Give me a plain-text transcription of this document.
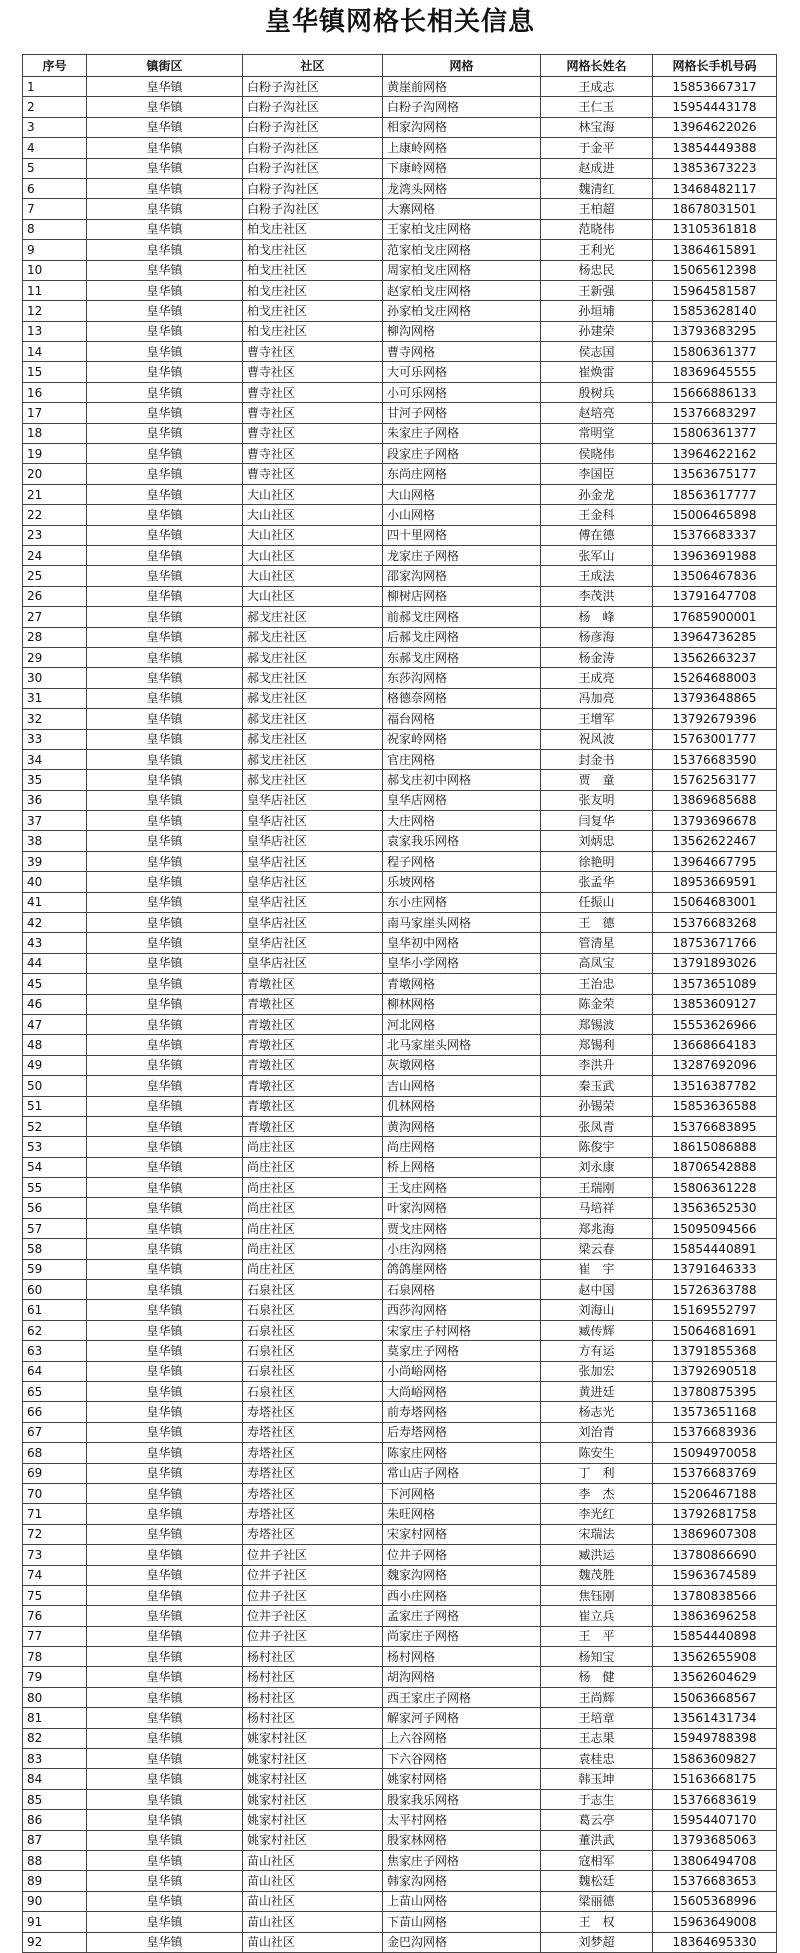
皇华镇网格长相关信息
序号	镇街区	社区	网格	网格长姓名	网格长手机号码
1	皇华镇	白粉子沟社区	黄崖前网格	王成志	15853667317
2	皇华镇	白粉子沟社区	白粉子沟网格	王仁玉	15954443178
3	皇华镇	白粉子沟社区	相家沟网格	林宝海	13964622026
4	皇华镇	白粉子沟社区	上康岭网格	于金平	13854449388
5	皇华镇	白粉子沟社区	下康岭网格	赵成进	13853673223
6	皇华镇	白粉子沟社区	龙湾头网格	魏清红	13468482117
7	皇华镇	白粉子沟社区	大寨网格	王柏超	18678031501
8	皇华镇	柏戈庄社区	王家柏戈庄网格	范晓伟	13105361818
9	皇华镇	柏戈庄社区	范家柏戈庄网格	王利光	13864615891
10	皇华镇	柏戈庄社区	周家柏戈庄网格	杨忠民	15065612398
11	皇华镇	柏戈庄社区	赵家柏戈庄网格	王新强	15964581587
12	皇华镇	柏戈庄社区	孙家柏戈庄网格	孙垣埔	15853628140
13	皇华镇	柏戈庄社区	柳沟网格	孙建荣	13793683295
14	皇华镇	曹寺社区	曹寺网格	侯志国	15806361377
15	皇华镇	曹寺社区	大可乐网格	崔焕雷	18369645555
16	皇华镇	曹寺社区	小可乐网格	殷树兵	15666886133
17	皇华镇	曹寺社区	甘河子网格	赵培亮	15376683297
18	皇华镇	曹寺社区	朱家庄子网格	常明堂	15806361377
19	皇华镇	曹寺社区	段家庄子网格	侯晓伟	13964622162
20	皇华镇	曹寺社区	东尚庄网格	李国臣	13563675177
21	皇华镇	大山社区	大山网格	孙金龙	18563617777
22	皇华镇	大山社区	小山网格	王金科	15006465898
23	皇华镇	大山社区	四十里网格	傅在德	15376683337
24	皇华镇	大山社区	龙家庄子网格	张军山	13963691988
25	皇华镇	大山社区	邵家沟网格	王成法	13506467836
26	皇华镇	大山社区	柳树店网格	李茂洪	13791647708
27	皇华镇	郝戈庄社区	前郝戈庄网格	杨　峰	17685900001
28	皇华镇	郝戈庄社区	后郝戈庄网格	杨彦海	13964736285
29	皇华镇	郝戈庄社区	东郝戈庄网格	杨金涛	13562663237
30	皇华镇	郝戈庄社区	东莎沟网格	王成亮	15264688003
31	皇华镇	郝戈庄社区	格德奈网格	冯加亮	13793648865
32	皇华镇	郝戈庄社区	福台网格	王增军	13792679396
33	皇华镇	郝戈庄社区	祝家岭网格	祝风波	15763001777
34	皇华镇	郝戈庄社区	官庄网格	封金书	15376683590
35	皇华镇	郝戈庄社区	郝戈庄初中网格	贾　童	15762563177
36	皇华镇	皇华店社区	皇华店网格	张友明	13869685688
37	皇华镇	皇华店社区	大庄网格	闫复华	13793696678
38	皇华镇	皇华店社区	袁家我乐网格	刘炳忠	13562622467
39	皇华镇	皇华店社区	程子网格	徐艳明	13964667795
40	皇华镇	皇华店社区	乐坡网格	张孟华	18953669591
41	皇华镇	皇华店社区	东小庄网格	任振山	15064683001
42	皇华镇	皇华店社区	南马家崖头网格	王　德	15376683268
43	皇华镇	皇华店社区	皇华初中网格	管清星	18753671766
44	皇华镇	皇华店社区	皇华小学网格	高凤宝	13791893026
45	皇华镇	青墩社区	青墩网格	王治忠	13573651089
46	皇华镇	青墩社区	柳林网格	陈金荣	13853609127
47	皇华镇	青墩社区	河北网格	郑锡波	15553626966
48	皇华镇	青墩社区	北马家崖头网格	郑锡利	13668664183
49	皇华镇	青墩社区	灰墩网格	李洪升	13287692096
50	皇华镇	青墩社区	吉山网格	秦玉武	13516387782
51	皇华镇	青墩社区	仉林网格	孙锡荣	15853636588
52	皇华镇	青墩社区	黄沟网格	张凤青	15376683895
53	皇华镇	尚庄社区	尚庄网格	陈俊宇	18615086888
54	皇华镇	尚庄社区	桥上网格	刘永康	18706542888
55	皇华镇	尚庄社区	王戈庄网格	王瑞刚	15806361228
56	皇华镇	尚庄社区	叶家沟网格	马培祥	13563652530
57	皇华镇	尚庄社区	贾戈庄网格	郑兆海	15095094566
58	皇华镇	尚庄社区	小庄沟网格	梁云春	15854440891
59	皇华镇	尚庄社区	鸽鸽崖网格	崔　宇	13791646333
60	皇华镇	石泉社区	石泉网格	赵中国	15726363788
61	皇华镇	石泉社区	西莎沟网格	刘海山	15169552797
62	皇华镇	石泉社区	宋家庄子村网格	臧传辉	15064681691
63	皇华镇	石泉社区	莫家庄子网格	方有运	13791855368
64	皇华镇	石泉社区	小尚峪网格	张加宏	13792690518
65	皇华镇	石泉社区	大尚峪网格	黄进廷	13780875395
66	皇华镇	寿塔社区	前寿塔网格	杨志光	13573651168
67	皇华镇	寿塔社区	后寿塔网格	刘治青	15376683936
68	皇华镇	寿塔社区	陈家庄网格	陈安生	15094970058
69	皇华镇	寿塔社区	常山店子网格	丁　利	15376683769
70	皇华镇	寿塔社区	下河网格	李　杰	15206467188
71	皇华镇	寿塔社区	朱旺网格	李光红	13792681758
72	皇华镇	寿塔社区	宋家村网格	宋瑞法	13869607308
73	皇华镇	位井子社区	位井子网格	臧洪运	13780866690
74	皇华镇	位井子社区	魏家沟网格	魏茂胜	15963674589
75	皇华镇	位井子社区	西小庄网格	焦钰刚	13780838566
76	皇华镇	位井子社区	孟家庄子网格	崔立兵	13863696258
77	皇华镇	位井子社区	尚家庄子网格	王　平	15854440898
78	皇华镇	杨村社区	杨村网格	杨知宝	13562655908
79	皇华镇	杨村社区	胡沟网格	杨　健	13562604629
80	皇华镇	杨村社区	西王家庄子网格	王尚辉	15063668567
81	皇华镇	杨村社区	解家河子网格	王培章	13561431734
82	皇华镇	姚家村社区	上六谷网格	王志果	15949788398
83	皇华镇	姚家村社区	下六谷网格	袁桂忠	15863609827
84	皇华镇	姚家村社区	姚家村网格	韩玉坤	15163668175
85	皇华镇	姚家村社区	殷家我乐网格	于志生	15376683619
86	皇华镇	姚家村社区	太平村网格	葛云亭	15954407170
87	皇华镇	姚家村社区	殷家林网格	董洪武	13793685063
88	皇华镇	苗山社区	焦家庄子网格	寇相军	13806494708
89	皇华镇	苗山社区	韩家沟网格	魏松廷	15376683653
90	皇华镇	苗山社区	上苗山网格	梁丽德	15605368996
91	皇华镇	苗山社区	下苗山网格	王　权	15963649008
92	皇华镇	苗山社区	金巴沟网格	刘梦超	18364695330
